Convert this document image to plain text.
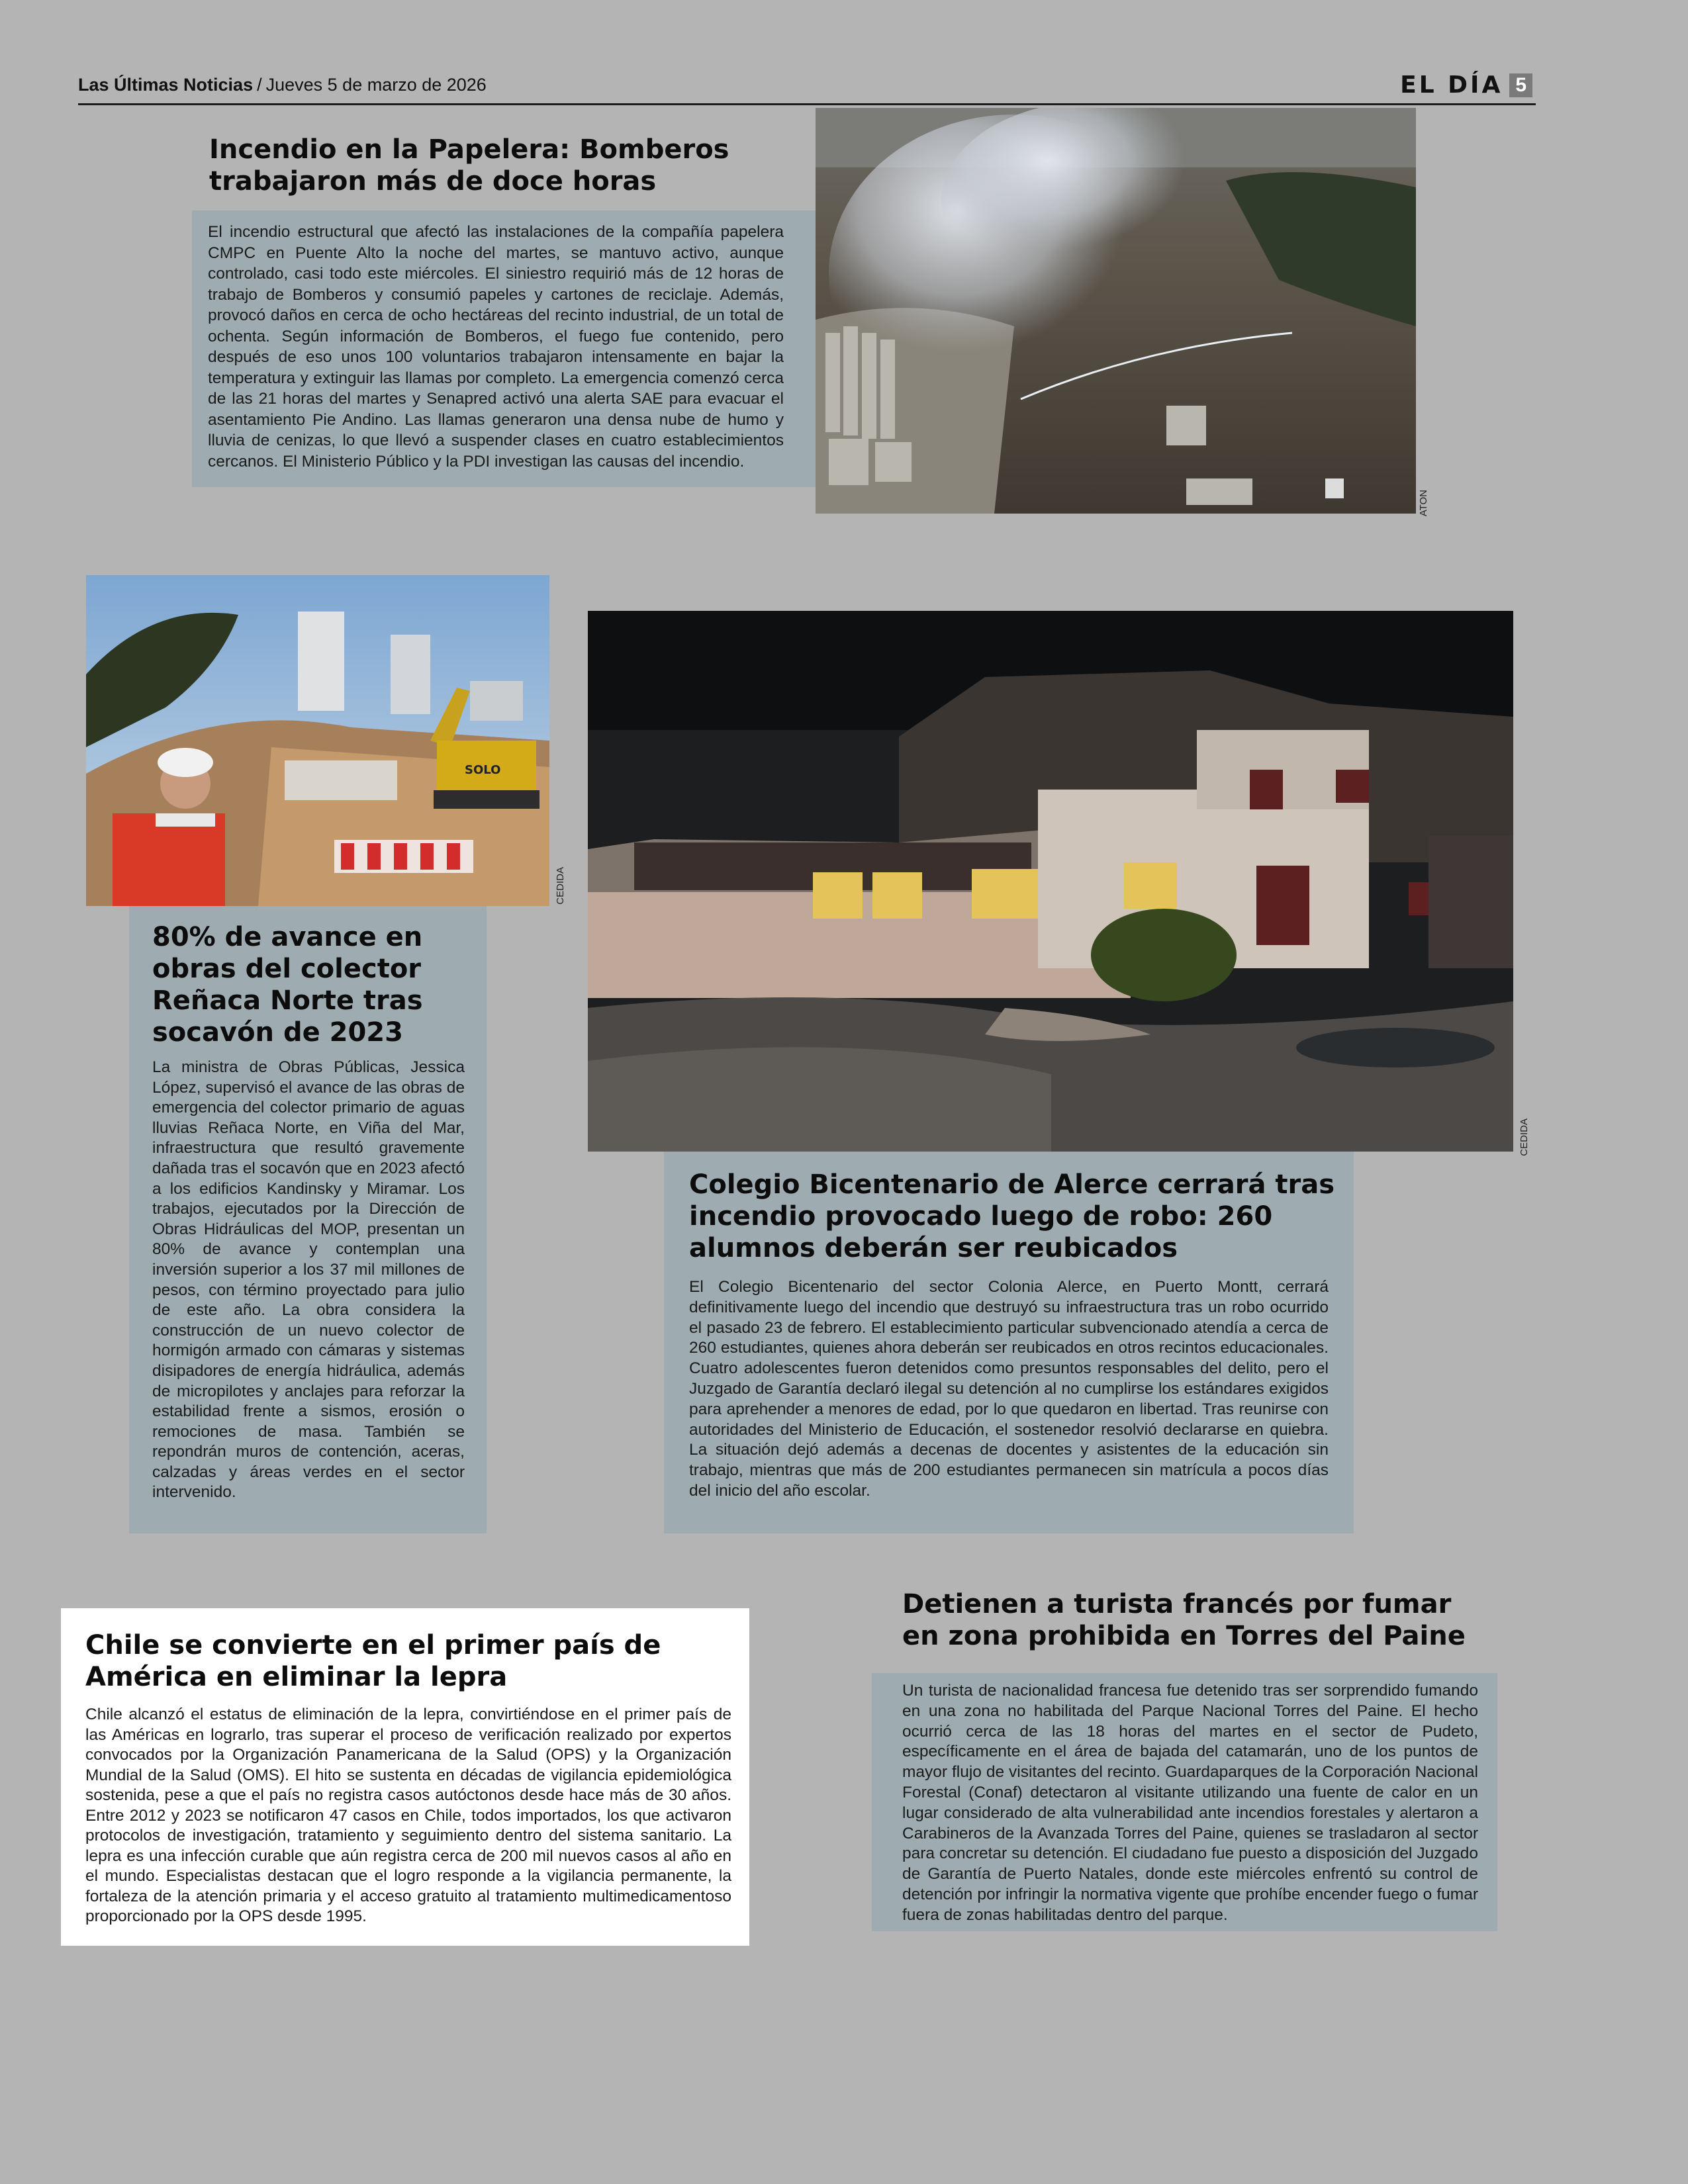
Las Últimas Noticias / Jueves 5 de marzo de 2026	EL DÍA 5
Incendio en la Papelera: Bomberos trabajaron más de doce horas
El incendio estructural que afectó las instalaciones de la compañía papelera CMPC en Puente Alto la noche del martes, se mantuvo activo, aunque controlado, casi todo este miércoles. El siniestro requirió más de 12 horas de trabajo de Bomberos y consumió papeles y cartones de reciclaje. Además, provocó daños en cerca de ocho hectáreas del recinto industrial, de un total de ochenta. Según información de Bomberos, el fuego fue contenido, pero después de eso unos 100 voluntarios trabajaron intensamente en bajar la temperatura y extinguir las llamas por completo. La emergencia comenzó cerca de las 21 horas del martes y Senapred activó una alerta SAE para evacuar el asentamiento Pie Andino. Las llamas generaron una densa nube de humo y lluvia de cenizas, lo que llevó a suspender clases en cuatro establecimientos cercanos. El Ministerio Público y la PDI investigan las causas del incendio.
ATON
SOLO
CEDIDA
80% de avance en obras del colector Reñaca Norte tras socavón de 2023
La ministra de Obras Públicas, Jessica López, supervisó el avance de las obras de emergencia del colector primario de aguas lluvias Reñaca Norte, en Viña del Mar, infraestructura que resultó gravemente dañada tras el socavón que en 2023 afectó a los edificios Kandinsky y Miramar. Los trabajos, ejecutados por la Dirección de Obras Hidráulicas del MOP, presentan un 80% de avance y contemplan una inversión superior a los 37 mil millones de pesos, con término proyectado para julio de este año. La obra considera la construcción de un nuevo colector de hormigón armado con cámaras y sistemas disipadores de energía hidráulica, además de micropilotes y anclajes para reforzar la estabilidad frente a sismos, erosión o remociones de masa. También se repondrán muros de contención, aceras, calzadas y áreas verdes en el sector intervenido.
CEDIDA
Colegio Bicentenario de Alerce cerrará tras incendio provocado luego de robo: 260 alumnos deberán ser reubicados
El Colegio Bicentenario del sector Colonia Alerce, en Puerto Montt, cerrará definitivamente luego del incendio que destruyó su infraestructura tras un robo ocurrido el pasado 23 de febrero. El establecimiento particular subvencionado atendía a cerca de 260 estudiantes, quienes ahora deberán ser reubicados en otros recintos educacionales. Cuatro adolescentes fueron detenidos como presuntos responsables del delito, pero el Juzgado de Garantía declaró ilegal su detención al no cumplirse los estándares exigidos para aprehender a menores de edad, por lo que quedaron en libertad. Tras reunirse con autoridades del Ministerio de Educación, el sostenedor resolvió declararse en quiebra. La situación dejó además a decenas de docentes y asistentes de la educación sin trabajo, mientras que más de 200 estudiantes permanecen sin matrícula a pocos días del inicio del año escolar.
Chile se convierte en el primer país de América en eliminar la lepra
Chile alcanzó el estatus de eliminación de la lepra, convirtiéndose en el primer país de las Américas en lograrlo, tras superar el proceso de verificación realizado por expertos convocados por la Organización Panamericana de la Salud (OPS) y la Organización Mundial de la Salud (OMS). El hito se sustenta en décadas de vigilancia epidemiológica sostenida, pese a que el país no registra casos autóctonos desde hace más de 30 años. Entre 2012 y 2023 se notificaron 47 casos en Chile, todos importados, los que activaron protocolos de investigación, tratamiento y seguimiento dentro del sistema sanitario. La lepra es una infección curable que aún registra cerca de 200 mil nuevos casos al año en el mundo. Especialistas destacan que el logro responde a la vigilancia permanente, la fortaleza de la atención primaria y el acceso gratuito al tratamiento multimedicamentoso proporcionado por la OPS desde 1995.
Detienen a turista francés por fumar en zona prohibida en Torres del Paine
Un turista de nacionalidad francesa fue detenido tras ser sorprendido fumando en una zona no habilitada del Parque Nacional Torres del Paine. El hecho ocurrió cerca de las 18 horas del martes en el sector de Pudeto, específicamente en el área de bajada del catamarán, uno de los puntos de mayor flujo de visitantes del recinto. Guardaparques de la Corporación Nacional Forestal (Conaf) detectaron al visitante utilizando una fuente de calor en un lugar considerado de alta vulnerabilidad ante incendios forestales y alertaron a Carabineros de la Avanzada Torres del Paine, quienes se trasladaron al sector para concretar su detención. El ciudadano fue puesto a disposición del Juzgado de Garantía de Puerto Natales, donde este miércoles enfrentó su control de detención por infringir la normativa vigente que prohíbe encender fuego o fumar fuera de zonas habilitadas dentro del parque.
